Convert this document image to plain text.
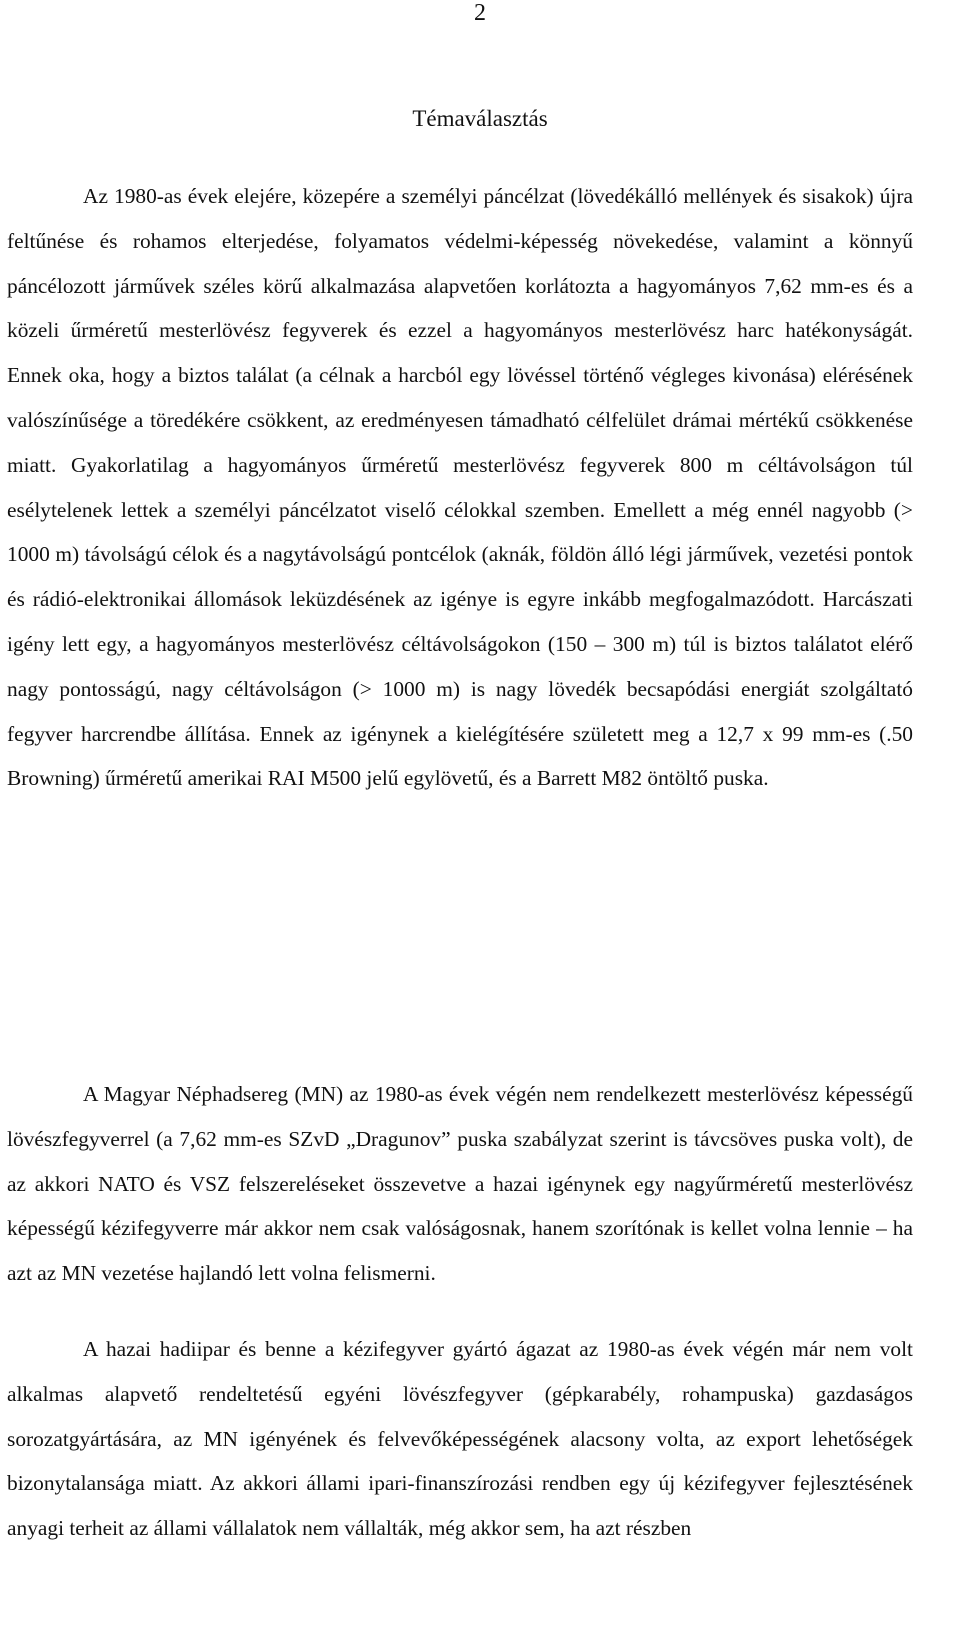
2
Témaválasztás

Az 1980-as évek elejére, közepére a személyi páncélzat (lövedékálló mellények és sisakok) újra feltűnése és rohamos elterjedése, folyamatos védelmi-képesség növekedése, valamint a könnyű páncélozott járművek széles körű alkalmazása alapvetően korlátozta a hagyományos 7,62 mm-es és a közeli űrméretű mesterlövész fegyverek és ezzel a hagyományos mesterlövész harc hatékonyságát. Ennek oka, hogy a biztos találat (a célnak a harcból egy lövéssel történő végleges kivonása) elérésének valószínűsége a töredékére csökkent, az eredményesen támadható célfelület drámai mértékű csökkenése miatt. Gyakorlatilag a hagyományos űrméretű mesterlövész fegyverek 800 m céltávolságon túl esélytelenek lettek a személyi páncélzatot viselő célokkal szemben. Emellett a még ennél nagyobb (> 1000 m) távolságú célok és a nagytávolságú pontcélok (aknák, földön álló légi járművek, vezetési pontok és rádió-elektronikai állomások leküzdésének az igénye is egyre inkább megfogalmazódott. Harcászati igény lett egy, a hagyományos mesterlövész céltávolságokon (150 – 300 m) túl is biztos találatot elérő nagy pontosságú, nagy céltávolságon (> 1000 m) is nagy lövedék becsapódási energiát szolgáltató fegyver harcrendbe állítása. Ennek az igénynek a kielégítésére született meg a 12,7 x 99 mm-es (.50 Browning) űrméretű amerikai RAI M500 jelű egylövetű, és a Barrett M82 öntöltő puska.

A Magyar Néphadsereg (MN) az 1980-as évek végén nem rendelkezett mesterlövész képességű lövészfegyverrel (a 7,62 mm-es SZvD „Dragunov” puska szabályzat szerint is távcsöves puska volt), de az akkori NATO és VSZ felszereléseket összevetve a hazai igénynek egy nagyűrméretű mesterlövész képességű kézifegyverre már akkor nem csak valóságosnak, hanem szorítónak is kellet volna lennie – ha azt az MN vezetése hajlandó lett volna felismerni.

A hazai hadiipar és benne a kézifegyver gyártó ágazat az 1980-as évek végén már nem volt alkalmas alapvető rendeltetésű egyéni lövészfegyver (gépkarabély, rohampuska) gazdaságos sorozatgyártására, az MN igényének és felvevőképességének alacsony volta, az export lehetőségek bizonytalansága miatt. Az akkori állami ipari-finanszírozási rendben egy új kézifegyver fejlesztésének anyagi terheit az állami vállalatok nem vállalták, még akkor sem, ha azt részben
